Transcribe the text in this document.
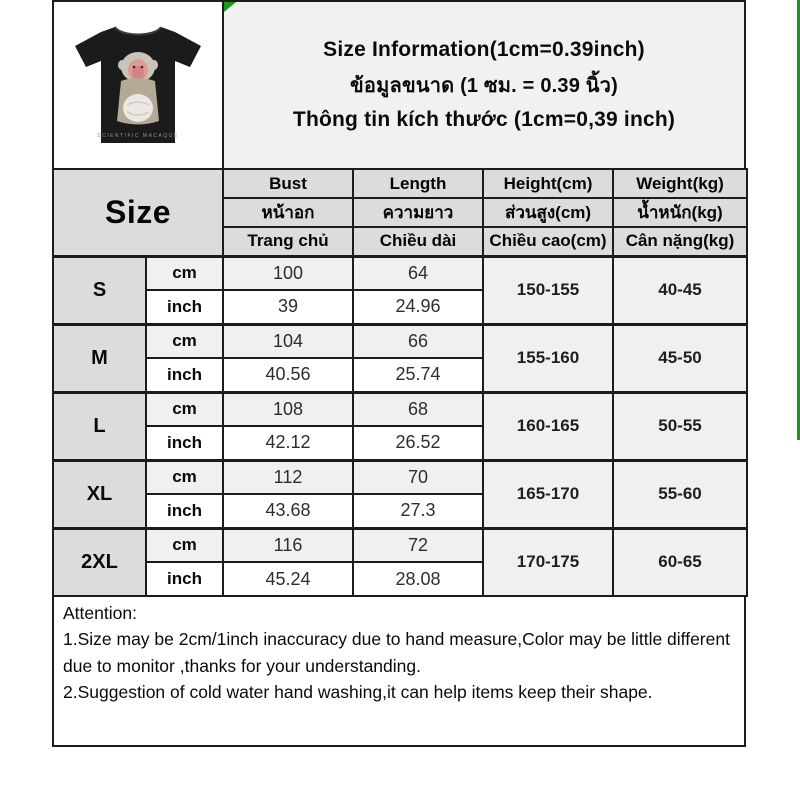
SCIENTIFIC MACAQUE
Size Information(1cm=0.39inch)
ข้อมูลขนาด (1 ซม. = 0.39 นิ้ว)
Thông tin kích thước (1cm=0,39 inch)
Size		Bust	Length	Height(cm)	Weight(kg)
		หน้าอก	ความยาว	ส่วนสูง(cm)	น้ำหนัก(kg)
		Trang chủ	Chiều dài	Chiều cao(cm)	Cân nặng(kg)
S	cm	100	64	150-155	40-45
	inch	39	24.96		
M	cm	104	66	155-160	45-50
	inch	40.56	25.74		
L	cm	108	68	160-165	50-55
	inch	42.12	26.52		
XL	cm	112	70	165-170	55-60
	inch	43.68	27.3		
2XL	cm	116	72	170-175	60-65
	inch	45.24	28.08		
Attention:
1.Size may be 2cm/1inch inaccuracy due to hand measure,Color may be little different due to monitor ,thanks for your understanding.
2.Suggestion of cold water hand washing,it can help items keep their shape.
